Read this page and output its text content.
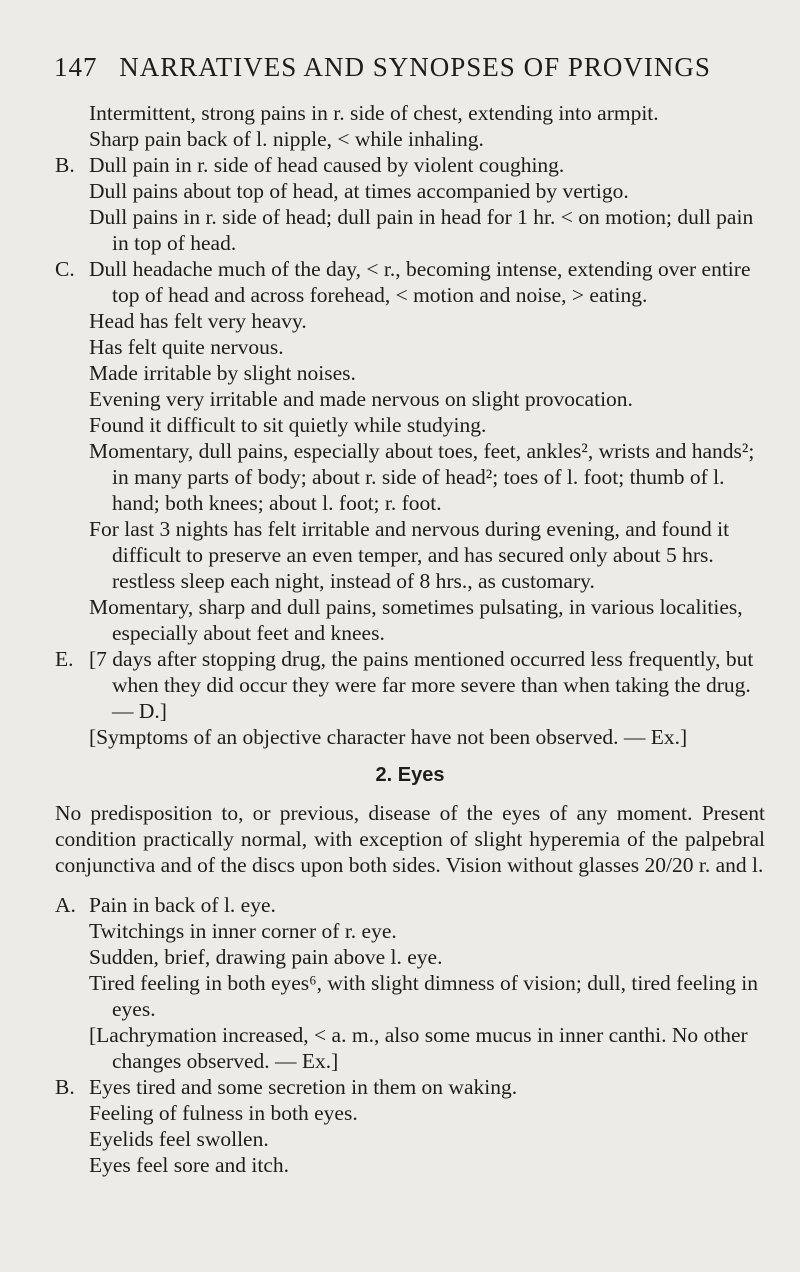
147 NARRATIVES AND SYNOPSES OF PROVINGS
Intermittent, strong pains in r. side of chest, extending into armpit.
Sharp pain back of l. nipple, < while inhaling.
B. Dull pain in r. side of head caused by violent coughing.
Dull pains about top of head, at times accompanied by vertigo.
Dull pains in r. side of head; dull pain in head for 1 hr. < on motion; dull pain in top of head.
C. Dull headache much of the day, < r., becoming intense, extending over entire top of head and across forehead, < motion and noise, > eating.
Head has felt very heavy.
Has felt quite nervous.
Made irritable by slight noises.
Evening very irritable and made nervous on slight provocation.
Found it difficult to sit quietly while studying.
Momentary, dull pains, especially about toes, feet, ankles², wrists and hands²; in many parts of body; about r. side of head²; toes of l. foot; thumb of l. hand; both knees; about l. foot; r. foot.
For last 3 nights has felt irritable and nervous during evening, and found it difficult to preserve an even temper, and has secured only about 5 hrs. restless sleep each night, instead of 8 hrs., as customary.
Momentary, sharp and dull pains, sometimes pulsating, in various localities, especially about feet and knees.
E. [7 days after stopping drug, the pains mentioned occurred less frequently, but when they did occur they were far more severe than when taking the drug. — D.]
[Symptoms of an objective character have not been observed. — Ex.]
2. Eyes

No predisposition to, or previous, disease of the eyes of any moment. Present condition practically normal, with exception of slight hyperemia of the palpebral conjunctiva and of the discs upon both sides. Vision without glasses 20/20 r. and l.

A. Pain in back of l. eye.
Twitchings in inner corner of r. eye.
Sudden, brief, drawing pain above l. eye.
Tired feeling in both eyes⁶, with slight dimness of vision; dull, tired feeling in eyes.
[Lachrymation increased, < a. m., also some mucus in inner canthi. No other changes observed. — Ex.]
B. Eyes tired and some secretion in them on waking.
Feeling of fulness in both eyes.
Eyelids feel swollen.
Eyes feel sore and itch.
